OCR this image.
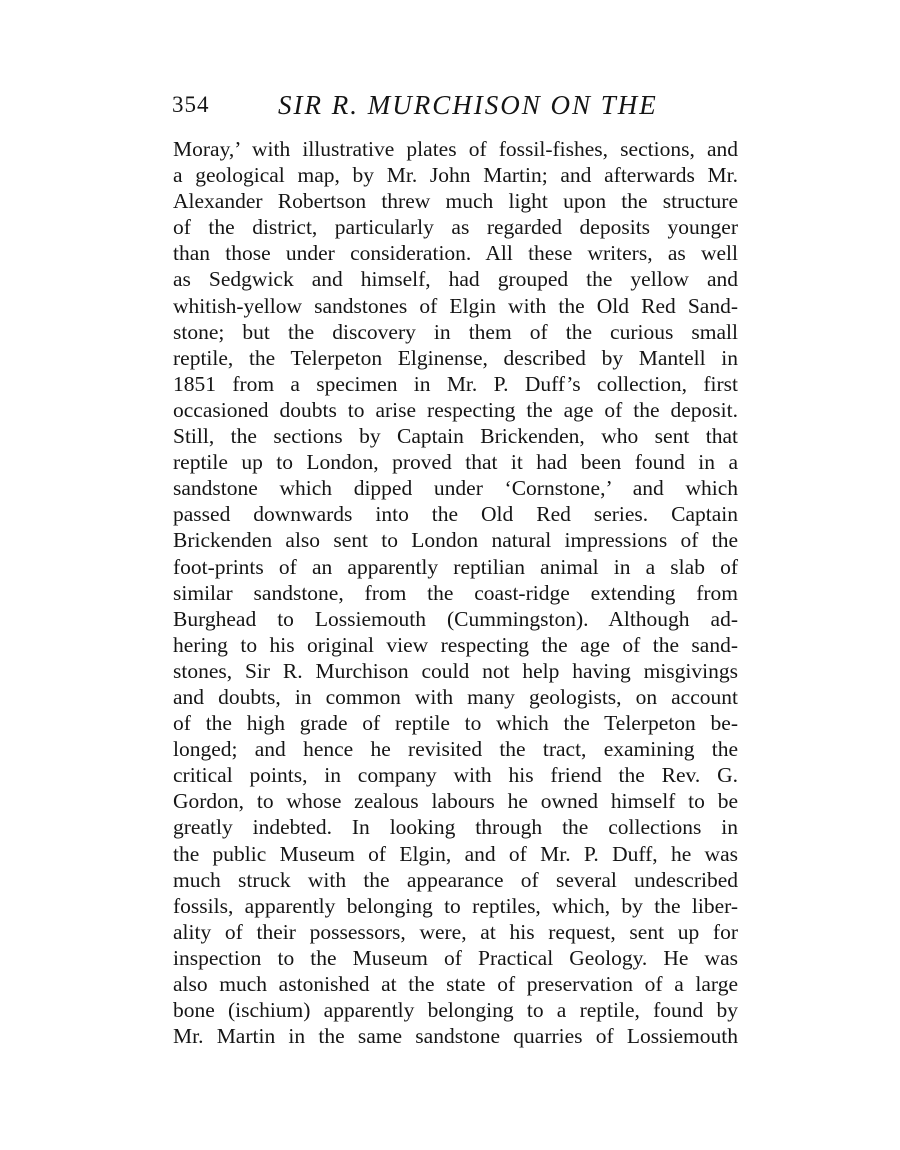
354	SIR R. MURCHISON ON THE
Moray,’ with illustrative plates of fossil-fishes, sections, and
a geological map, by Mr. John Martin; and afterwards Mr.
Alexander Robertson threw much light upon the structure
of the district, particularly as regarded deposits younger
than those under consideration. All these writers, as well
as Sedgwick and himself, had grouped the yellow and
whitish-yellow sandstones of Elgin with the Old Red Sand-
stone; but the discovery in them of the curious small
reptile, the Telerpeton Elginense, described by Mantell in
1851 from a specimen in Mr. P. Duff’s collection, first
occasioned doubts to arise respecting the age of the deposit.
Still, the sections by Captain Brickenden, who sent that
reptile up to London, proved that it had been found in a
sandstone which dipped under ‘Cornstone,’ and which
passed downwards into the Old Red series. Captain
Brickenden also sent to London natural impressions of the
foot-prints of an apparently reptilian animal in a slab of
similar sandstone, from the coast-ridge extending from
Burghead to Lossiemouth (Cummingston). Although ad-
hering to his original view respecting the age of the sand-
stones, Sir R. Murchison could not help having misgivings
and doubts, in common with many geologists, on account
of the high grade of reptile to which the Telerpeton be-
longed; and hence he revisited the tract, examining the
critical points, in company with his friend the Rev. G.
Gordon, to whose zealous labours he owned himself to be
greatly indebted. In looking through the collections in
the public Museum of Elgin, and of Mr. P. Duff, he was
much struck with the appearance of several undescribed
fossils, apparently belonging to reptiles, which, by the liber-
ality of their possessors, were, at his request, sent up for
inspection to the Museum of Practical Geology. He was
also much astonished at the state of preservation of a large
bone (ischium) apparently belonging to a reptile, found by
Mr. Martin in the same sandstone quarries of Lossiemouth
